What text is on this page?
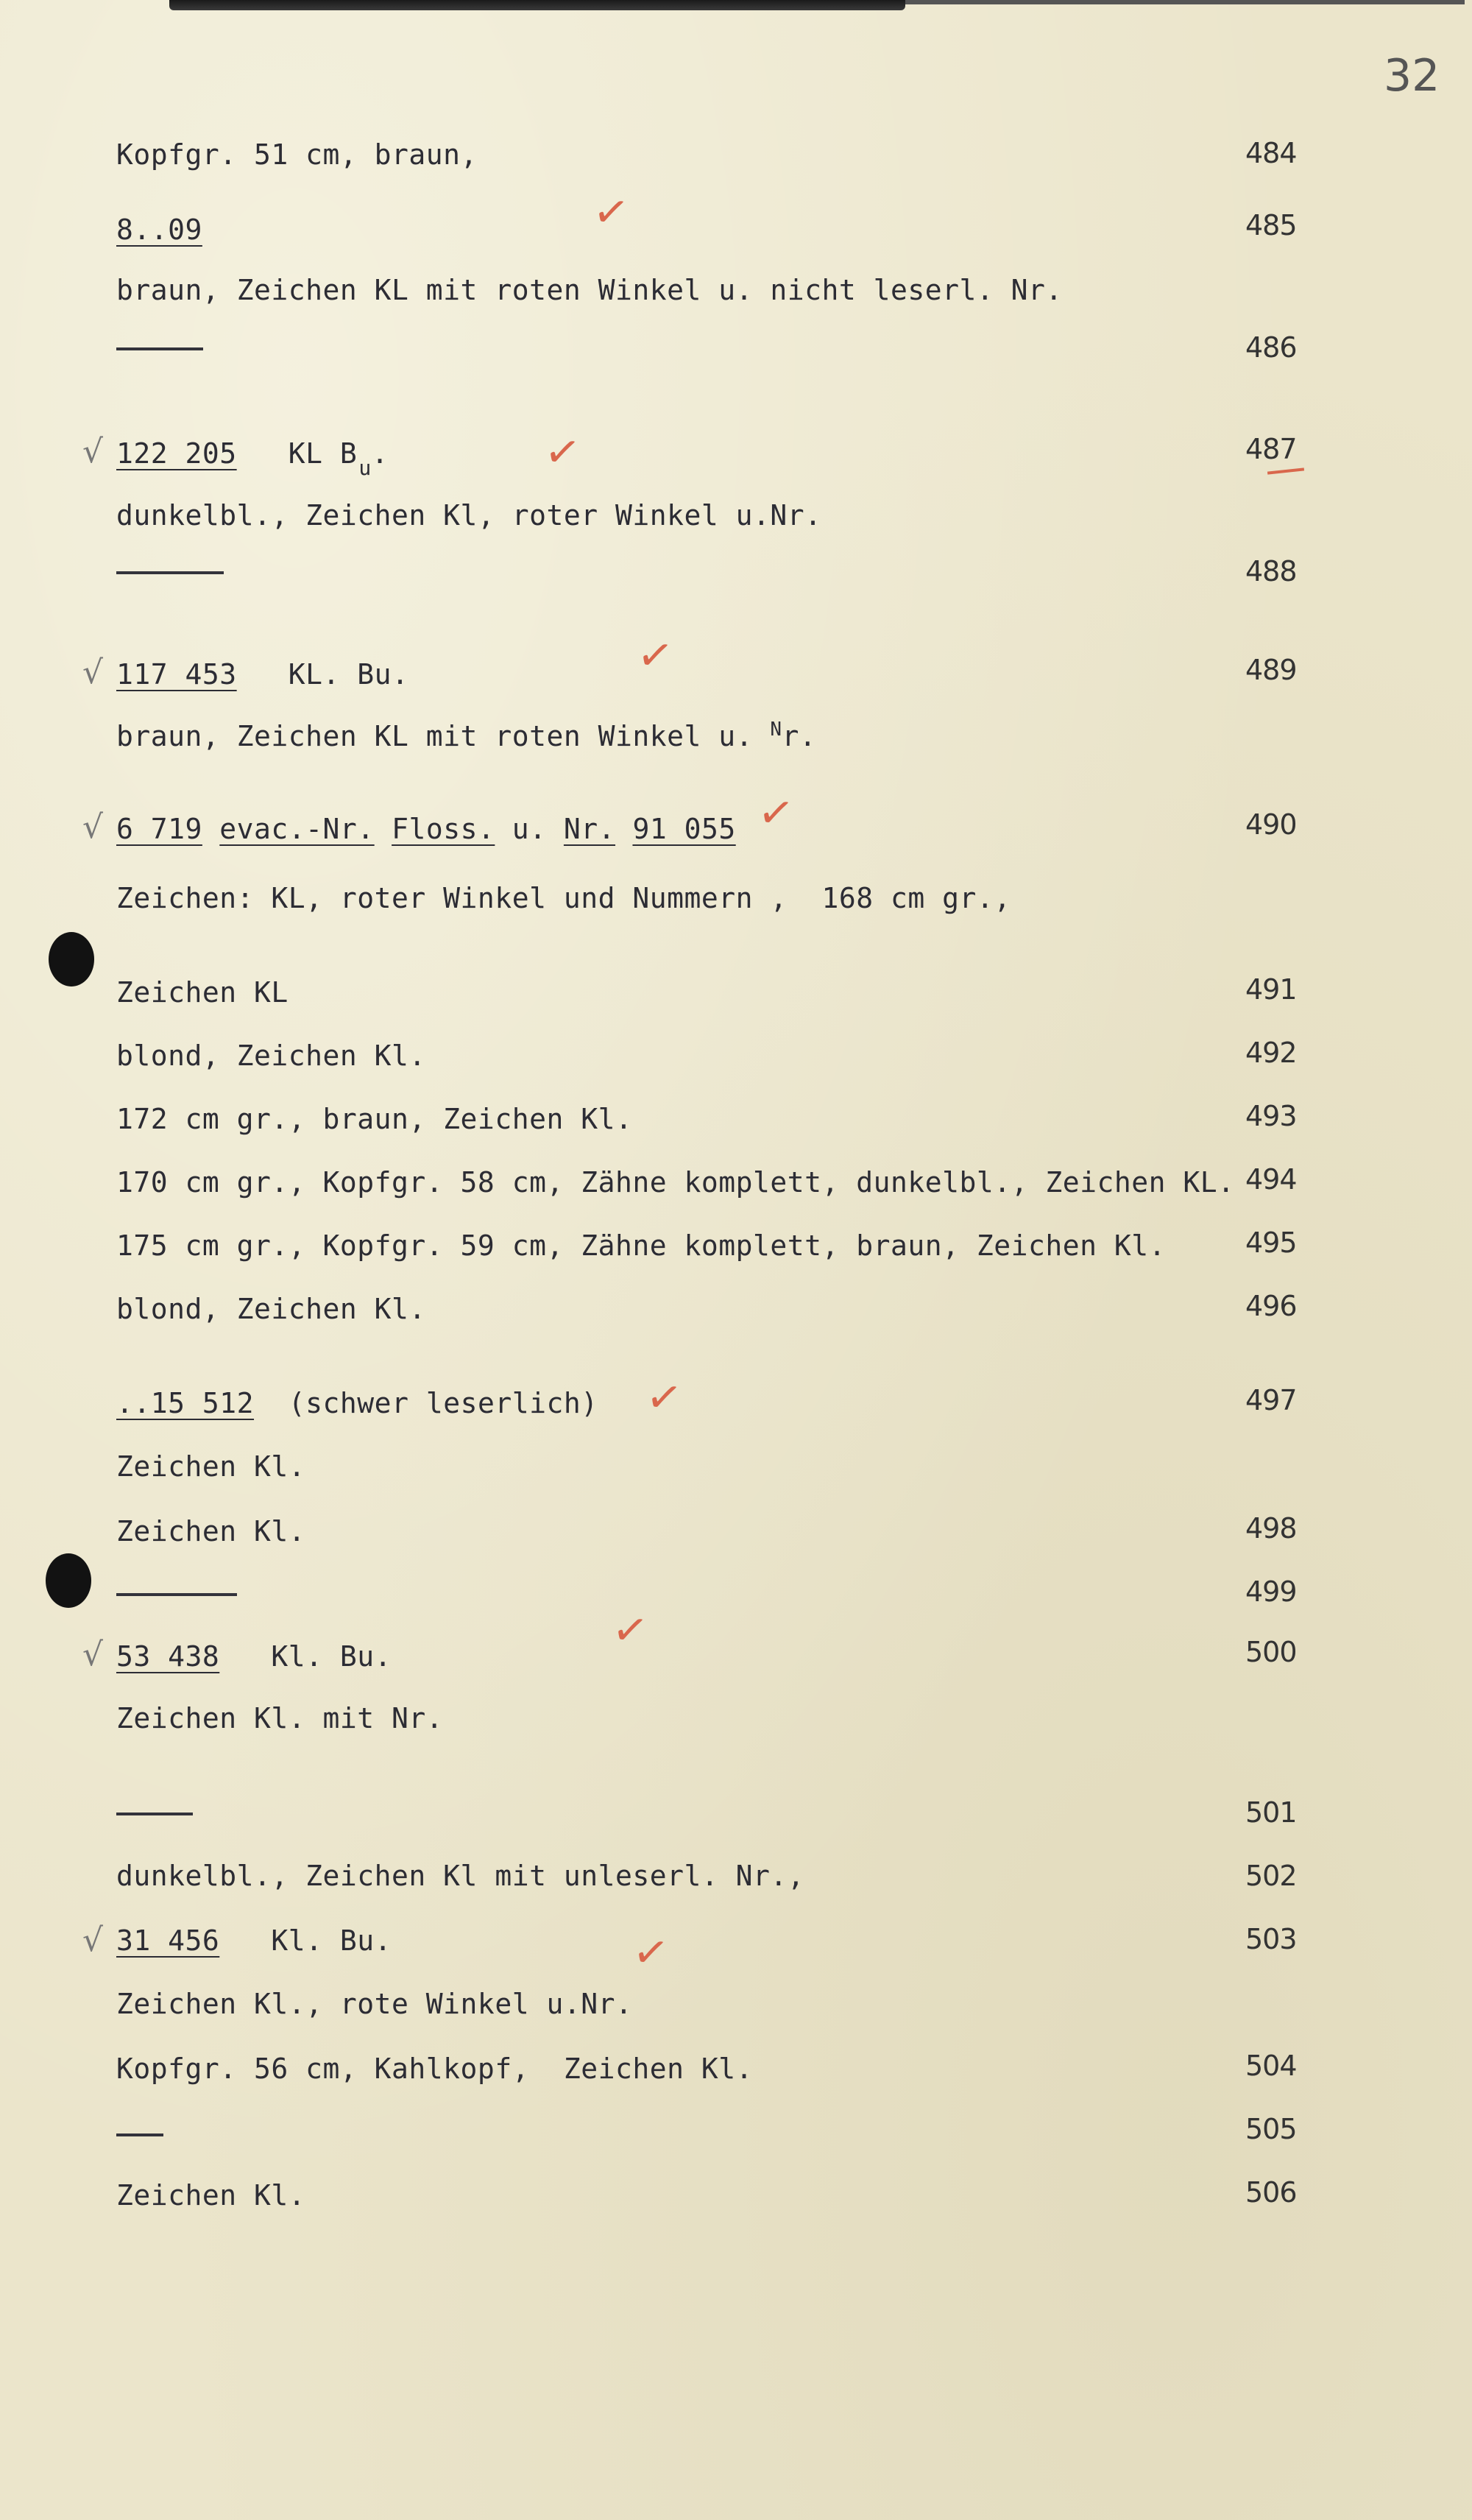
32
Kopfgr. 51 cm, braun,
8..09
braun, Zeichen KL mit roten Winkel u. nicht leserl. Nr.
√ 122 205 KL $B_u$.
dunkelbl., Zeichen Kl, roter Winkel u.Nr.
√ 117 453 KL. Bu.
braun, Zeichen KL mit roten Winkel u. $^N$r.
√ 6 719 evac.-Nr. Floss. u. Nr. 91 055
Zeichen: KL, roter Winkel und Nummern ,  168 cm gr.,
Zeichen KL
blond, Zeichen Kl.
172 cm gr., braun, Zeichen Kl.
170 cm gr., Kopfgr. 58 cm, Zähne komplett, dunkelbl., Zeichen KL.
175 cm gr., Kopfgr. 59 cm, Zähne komplett, braun, Zeichen Kl.
blond, Zeichen Kl.
..15 512 (schwer leserlich)
Zeichen Kl.
Zeichen Kl.
√ 53 438 Kl. Bu.
Zeichen Kl. mit Nr.
dunkelbl., Zeichen Kl mit unleserl. Nr.,
√ 31 456 Kl. Bu.
Zeichen Kl., rote Winkel u.Nr.
Kopfgr. 56 cm, Kahlkopf,  Zeichen Kl.
Zeichen Kl.
484
485
486
487
488
489
490
491
492
493
494
495
496
497
498
499
500
501
502
503
504
505
506
✓
✓
✓
✓
✓
✓
✓
